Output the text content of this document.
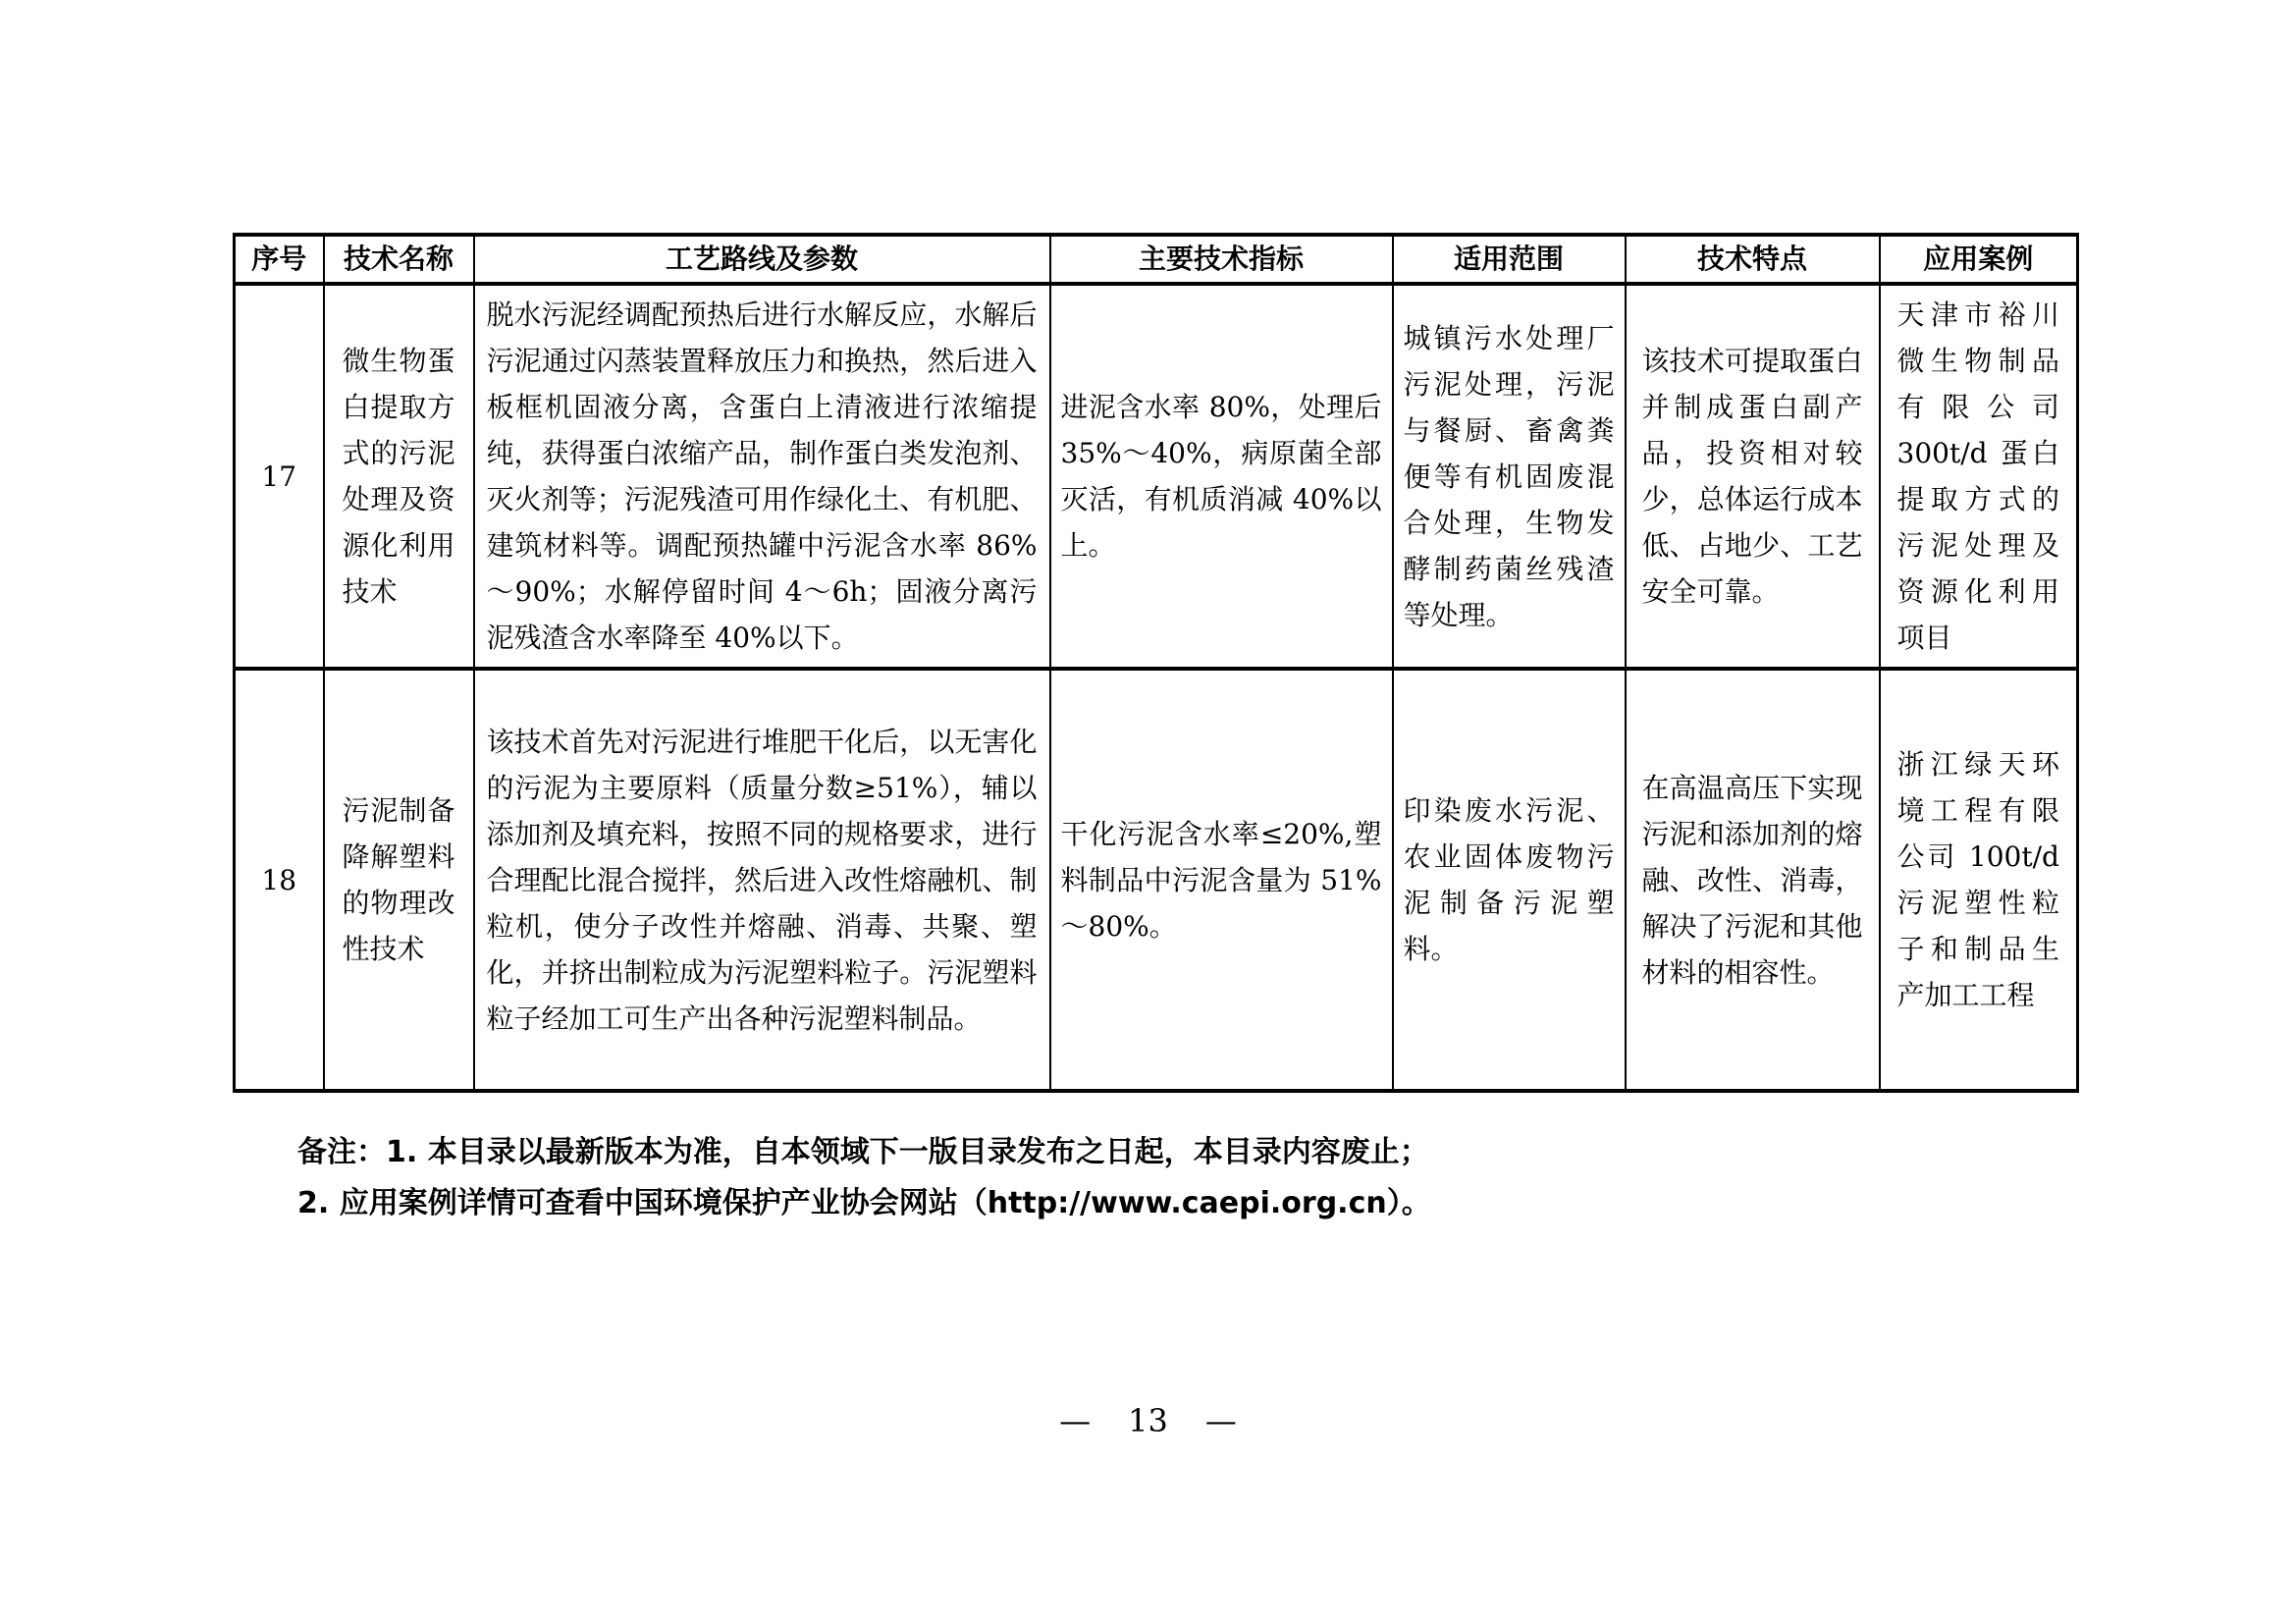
序号	技术名称	工艺路线及参数	主要技术指标	适用范围	技术特点	应用案例
17	微生物蛋白提取方式的污泥处理及资源化利用技术	脱水污泥经调配预热后进行水解反应，水解后污泥通过闪蒸装置释放压力和换热，然后进入板框机固液分离，含蛋白上清液进行浓缩提纯，获得蛋白浓缩产品，制作蛋白类发泡剂、灭火剂等；污泥残渣可用作绿化土、有机肥、建筑材料等。调配预热罐中污泥含水率 86%～90%；水解停留时间 4～6h；固液分离污泥残渣含水率降至 40%以下。	进泥含水率 80%，处理后 35%～40%，病原菌全部灭活，有机质消减 40%以上。	城镇污水处理厂污泥处理，污泥与餐厨、畜禽粪便等有机固废混合处理，生物发酵制药菌丝残渣等处理。	该技术可提取蛋白并制成蛋白副产品，投资相对较少，总体运行成本低、占地少、工艺安全可靠。	天津市裕川微生物制品有限公司 300t/d 蛋白提取方式的污泥处理及资源化利用项目
18	污泥制备降解塑料的物理改性技术	该技术首先对污泥进行堆肥干化后，以无害化的污泥为主要原料（质量分数≥51%），辅以添加剂及填充料，按照不同的规格要求，进行合理配比混合搅拌，然后进入改性熔融机、制粒机，使分子改性并熔融、消毒、共聚、塑化，并挤出制粒成为污泥塑料粒子。污泥塑料粒子经加工可生产出各种污泥塑料制品。	干化污泥含水率≤20%,塑料制品中污泥含量为 51%～80%。	印染废水污泥、农业固体废物污泥制备污泥塑料。	在高温高压下实现污泥和添加剂的熔融、改性、消毒，解决了污泥和其他材料的相容性。	浙江绿天环境工程有限公司 100t/d 污泥塑性粒子和制品生产加工工程
备注：1. 本目录以最新版本为准，自本领域下一版目录发布之日起，本目录内容废止；
2. 应用案例详情可查看中国环境保护产业协会网站（http://www.caepi.org.cn）。
— 13 —
